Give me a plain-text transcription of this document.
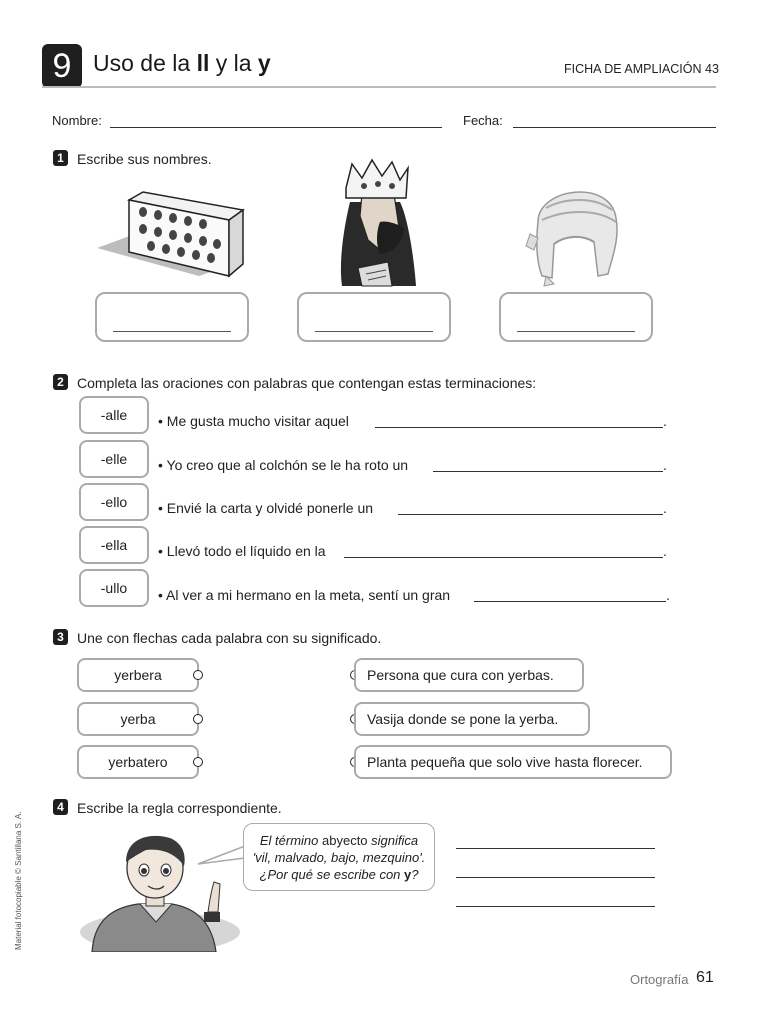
9 Uso de la ll y la y	FICHA DE AMPLIACIÓN 43
Nombre:	Fecha:
1 Escribe sus nombres.
2 Completa las oraciones con palabras que contengan estas terminaciones:
-alle	• Me gusta mucho visitar aquel	.
-elle	• Yo creo que al colchón se le ha roto un	.
-ello	• Envié la carta y olvidé ponerle un	.
-ella	• Llevó todo el líquido en la	.
-ullo	• Al ver a mi hermano en la meta, sentí un gran	.
3 Une con flechas cada palabra con su significado.
yerbera
yerba
yerbatero
Persona que cura con yerbas.
Vasija donde se pone la yerba.
Planta pequeña que solo vive hasta florecer.
4 Escribe la regla correspondiente.
El término abyecto significa
'vil, malvado, bajo, mezquino'.
¿Por qué se escribe con y?
Material fotocopiable © Santillana S. A.
Ortografía 61
